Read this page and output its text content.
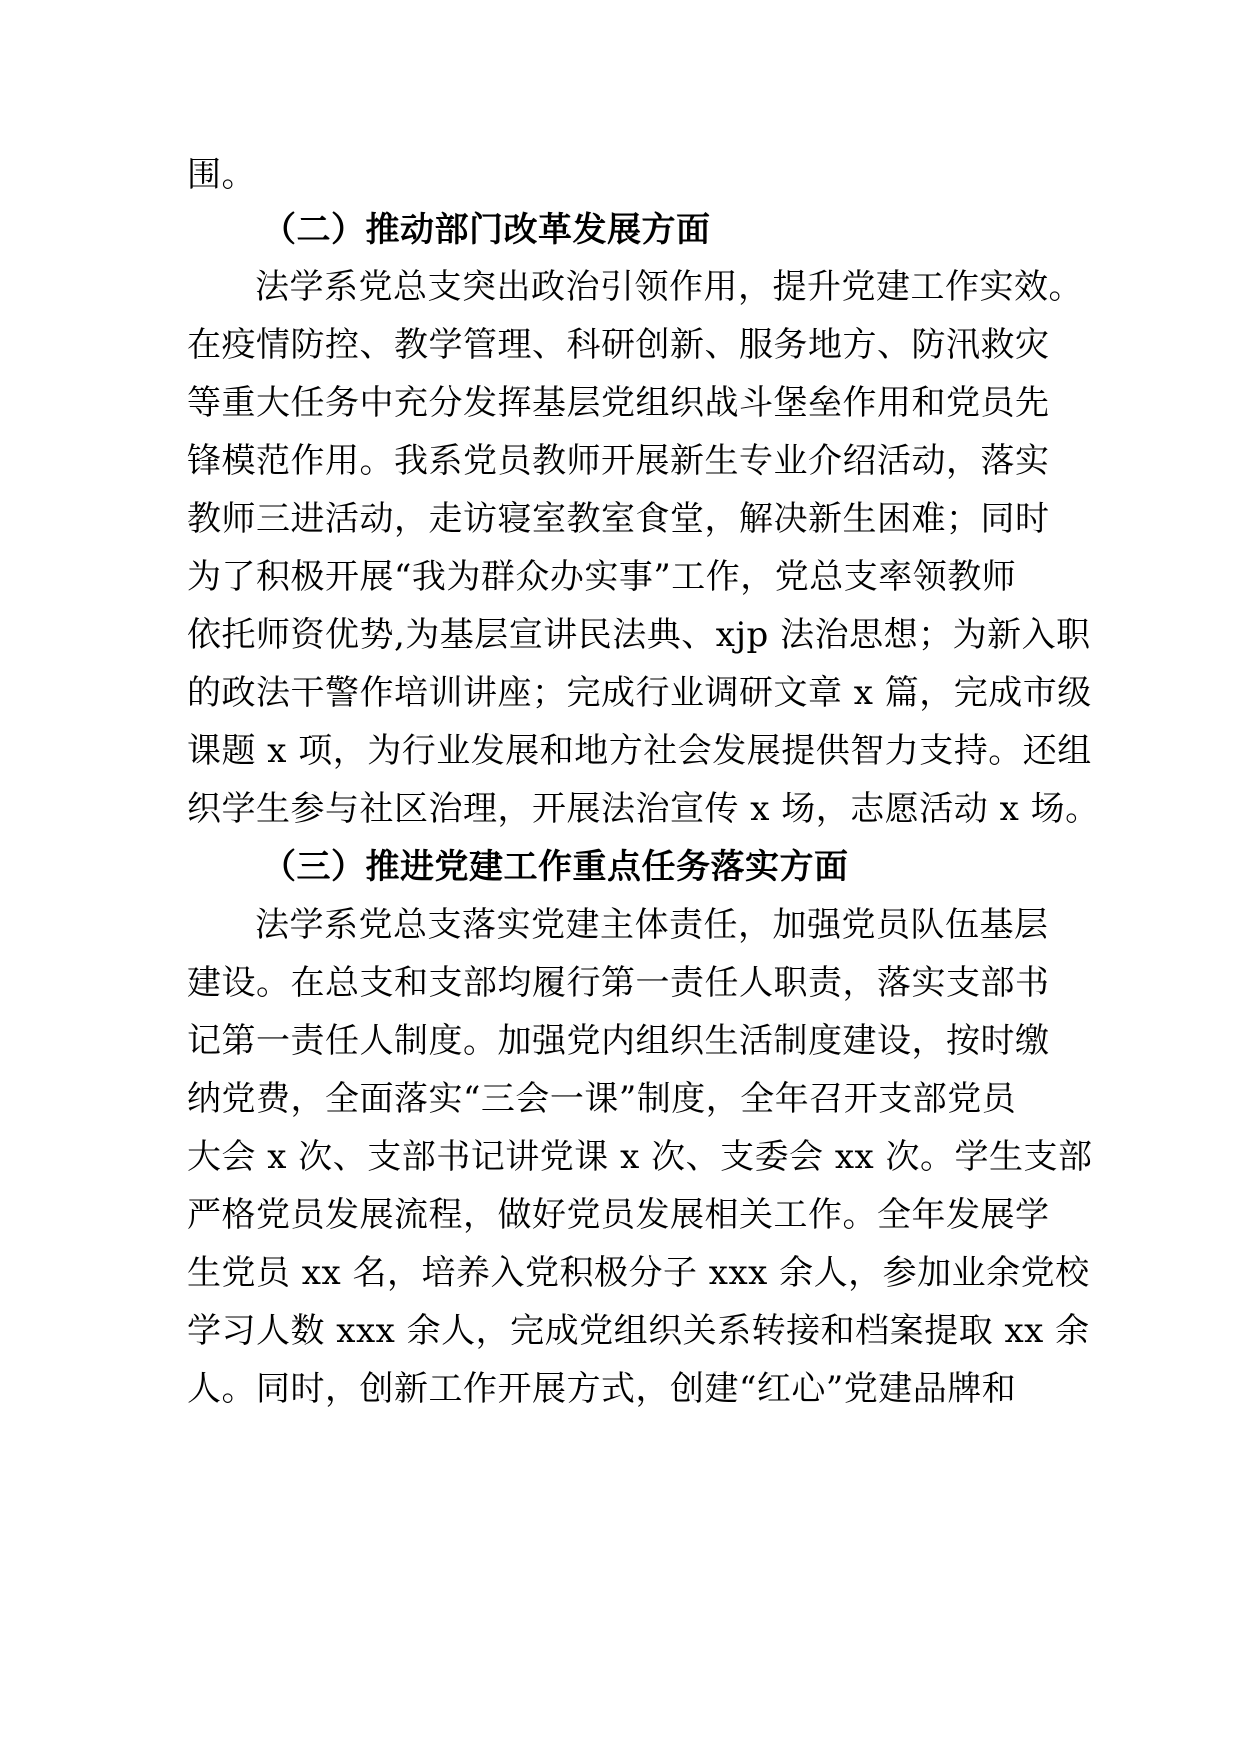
围。
（二）推动部门改革发展方面
法学系党总支突出政治引领作用，提升党建工作实效。
在疫情防控、教学管理、科研创新、服务地方、防汛救灾
等重大任务中充分发挥基层党组织战斗堡垒作用和党员先
锋模范作用。我系党员教师开展新生专业介绍活动，落实
教师三进活动，走访寝室教室食堂，解决新生困难；同时
为了积极开展“我为群众办实事”工作，党总支率领教师
依托师资优势,为基层宣讲民法典、xjp 法治思想；为新入职
的政法干警作培训讲座；完成行业调研文章 x 篇，完成市级
课题 x 项，为行业发展和地方社会发展提供智力支持。还组
织学生参与社区治理，开展法治宣传 x 场，志愿活动 x 场。
（三）推进党建工作重点任务落实方面
法学系党总支落实党建主体责任，加强党员队伍基层
建设。在总支和支部均履行第一责任人职责，落实支部书
记第一责任人制度。加强党内组织生活制度建设，按时缴
纳党费，全面落实“三会一课”制度，全年召开支部党员
大会 x 次、支部书记讲党课 x 次、支委会 xx 次。学生支部
严格党员发展流程，做好党员发展相关工作。全年发展学
生党员 xx 名，培养入党积极分子 xxx 余人，参加业余党校
学习人数 xxx 余人，完成党组织关系转接和档案提取 xx 余
人。同时，创新工作开展方式，创建“红心”党建品牌和
